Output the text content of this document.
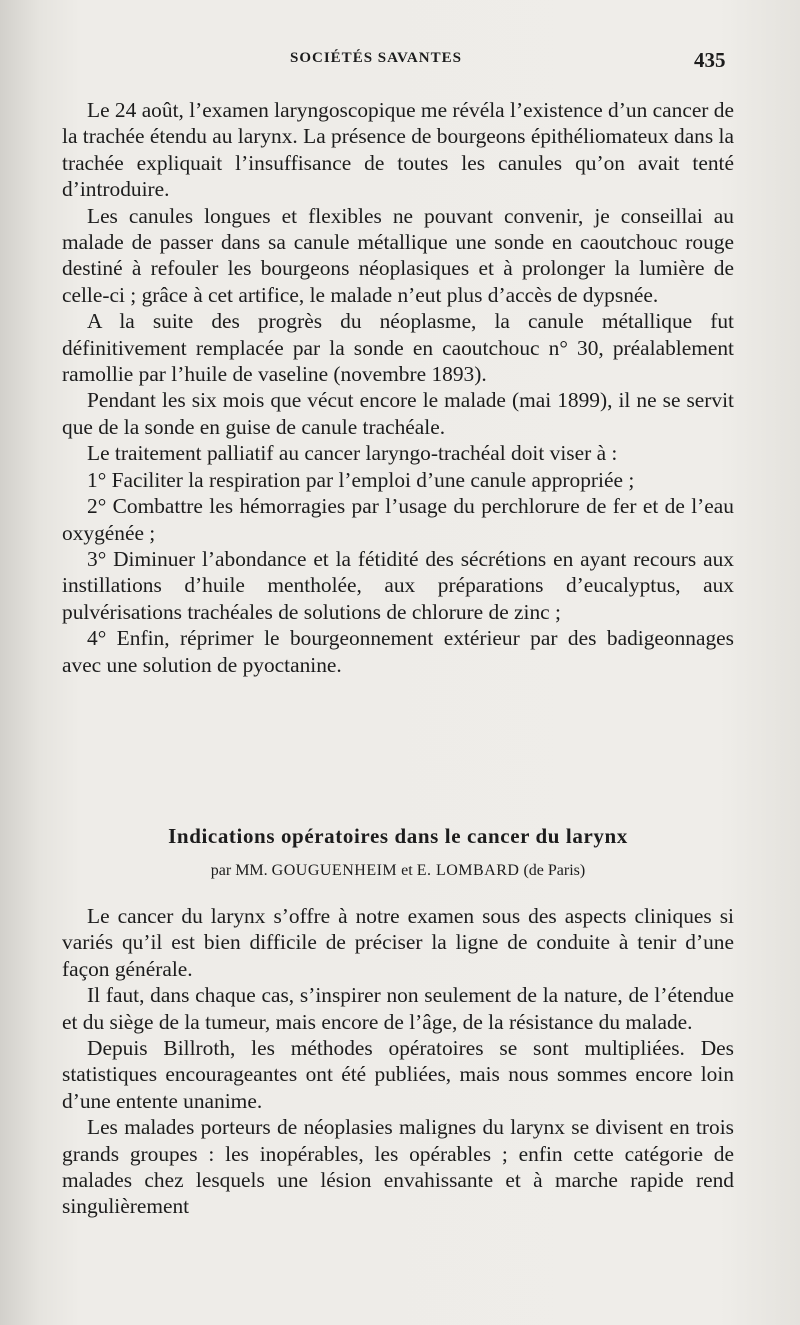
SOCIÉTÉS SAVANTES	435

Le 24 août, l’examen laryngoscopique me révéla l’existence d’un cancer de la trachée étendu au larynx. La présence de bourgeons épithéliomateux dans la trachée expliquait l’insuffisance de toutes les canules qu’on avait tenté d’introduire.

Les canules longues et flexibles ne pouvant convenir, je conseillai au malade de passer dans sa canule métallique une sonde en caoutchouc rouge destiné à refouler les bourgeons néoplasiques et à prolonger la lumière de celle-ci ; grâce à cet artifice, le malade n’eut plus d’accès de dypsnée.

A la suite des progrès du néoplasme, la canule métallique fut définitivement remplacée par la sonde en caoutchouc n° 30, préalablement ramollie par l’huile de vaseline (novembre 1893).

Pendant les six mois que vécut encore le malade (mai 1899), il ne se servit que de la sonde en guise de canule trachéale.

Le traitement palliatif au cancer laryngo-trachéal doit viser à :

1° Faciliter la respiration par l’emploi d’une canule appropriée ;

2° Combattre les hémorragies par l’usage du perchlorure de fer et de l’eau oxygénée ;

3° Diminuer l’abondance et la fétidité des sécrétions en ayant recours aux instillations d’huile mentholée, aux préparations d’eucalyptus, aux pulvérisations trachéales de solutions de chlorure de zinc ;

4° Enfin, réprimer le bourgeonnement extérieur par des badigeonnages avec une solution de pyoctanine.

Indications opératoires dans le cancer du larynx
par MM. GOUGUENHEIM et E. LOMBARD (de Paris)

Le cancer du larynx s’offre à notre examen sous des aspects cliniques si variés qu’il est bien difficile de préciser la ligne de conduite à tenir d’une façon générale.

Il faut, dans chaque cas, s’inspirer non seulement de la nature, de l’étendue et du siège de la tumeur, mais encore de l’âge, de la résistance du malade.

Depuis Billroth, les méthodes opératoires se sont multipliées. Des statistiques encourageantes ont été publiées, mais nous sommes encore loin d’une entente unanime.

Les malades porteurs de néoplasies malignes du larynx se divisent en trois grands groupes : les inopérables, les opérables ; enfin cette catégorie de malades chez lesquels une lésion envahissante et à marche rapide rend singulièrement
